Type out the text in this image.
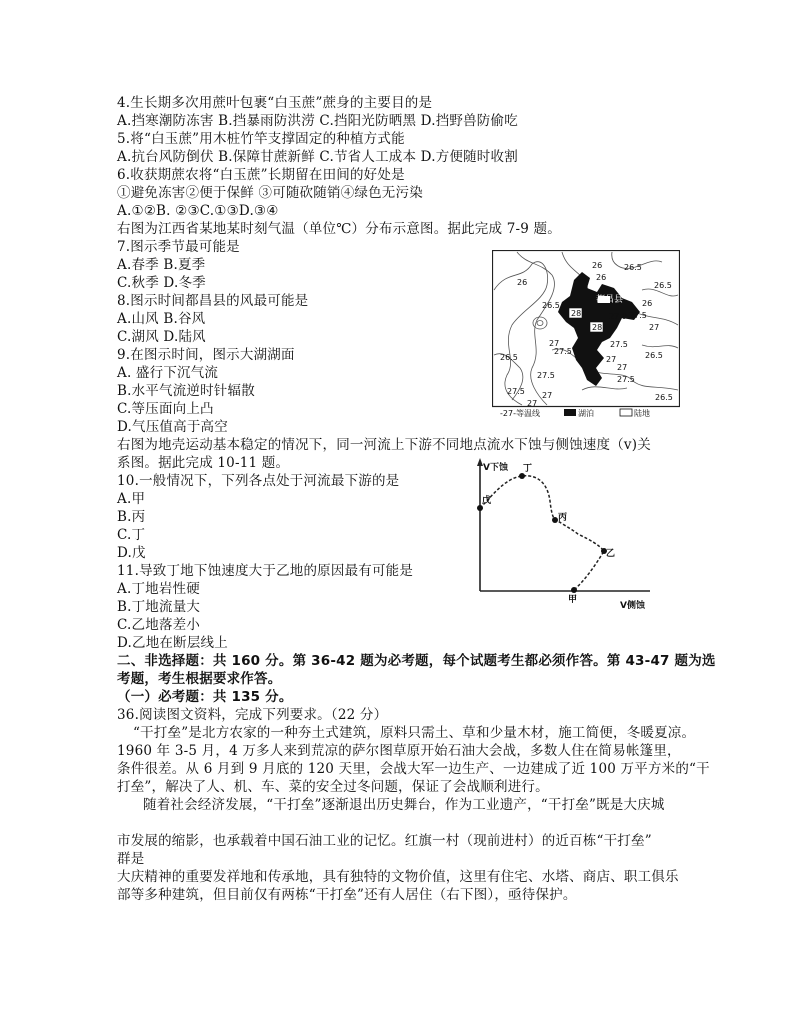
4.生长期多次用蔗叶包裹“白玉蔗”蔗身的主要目的是
A.挡寒潮防冻害 B.挡暴雨防洪涝 C.挡阳光防晒黑 D.挡野兽防偷吃
5.将“白玉蔗”用木桩竹竿支撑固定的种植方式能
A.抗台风防倒伏 B.保障甘蔗新鲜 C.节省人工成本 D.方便随时收割
6.收获期蔗农将“白玉蔗”长期留在田间的好处是
①避免冻害②便于保鲜 ③可随砍随销④绿色无污染
A.①②B. ②③C.①③D.③④
右图为江西省某地某时刻气温（单位℃）分布示意图。据此完成 7-9 题。
7.图示季节最可能是
A.春季 B.夏季
C.秋季 D.冬季
8.图示时间都昌县的风最可能是
A.山风 B.谷风
C.湖风 D.陆风
9.在图示时间，图示大湖湖面
A. 盛行下沉气流
B.水平气流逆时针辐散
C.等压面向上凸
D.气压值高于高空
右图为地壳运动基本稳定的情况下，同一河流上下游不同地点流水下蚀与侧蚀速度（v)关
系图。据此完成 10-11 题。
10.一般情况下，下列各点处于河流最下游的是
A.甲
B.丙
C.丁
D.戊
11.导致丁地下蚀速度大于乙地的原因最有可能是
A.丁地岩性硬
B.丁地流量大
C.乙地落差小
D.乙地在断层线上
二、非选择题：共 160 分。第 36-42 题为必考题，每个试题考生都必须作答。第 43-47 题为选
考题，考生根据要求作答。
（一）必考题：共 135 分。
36.阅读图文资料，完成下列要求。（22 分）
“干打垒”是北方农家的一种夯土式建筑，原料只需土、草和少量木材，施工简便，冬暖夏凉。
1960 年 3-5 月，4 万多人来到荒凉的萨尔图草原开始石油大会战，多数人住在简易帐篷里，
条件很差。从 6 月到 9 月底的 120 天里，会战大军一边生产、一边建成了近 100 万平方米的“干
打垒”，解决了人、机、车、菜的安全过冬问题，保证了会战顺利进行。
随着社会经济发展，“干打垒”逐渐退出历史舞台，作为工业遗产，“干打垒”既是大庆城
市发展的缩影，也承载着中国石油工业的记忆。红旗一村（现前进村）的近百栋“干打垒”
群是
大庆精神的重要发祥地和传承地，具有独特的文物价值，这里有住宅、水塔、商店、职工俱乐
部等多种建筑，但目前仅有两栋“干打垒”还有人居住（右下图），亟待保护。
26
26
26
26.5
26.5
26
都昌县
28
28
27.9 27.5
27
27.5
27
26.5
27
27.5
27.5
27.5
27
27.5 27
26.5
26.5
27
26.5
-27-等温线	湖泊	陆地
V下蚀
V侧蚀
戊
丁
丙
乙
甲
